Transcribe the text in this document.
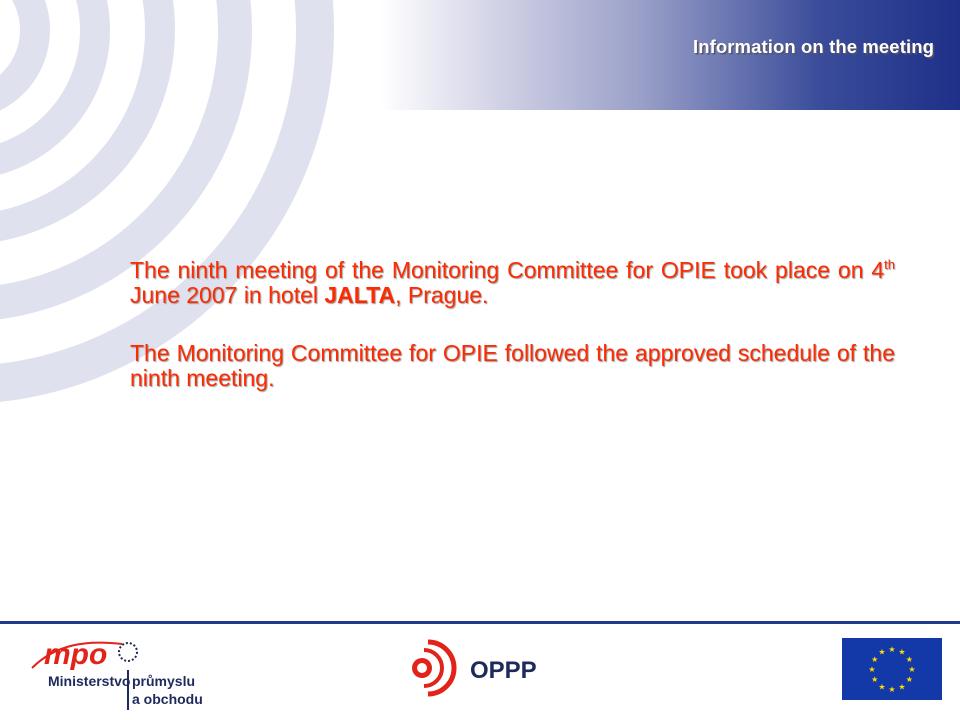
Information on the meeting

The ninth meeting of the Monitoring Committee for OPIE took place on 4th June 2007 in hotel JALTA, Prague.

The Monitoring Committee for OPIE followed the approved schedule of the ninth meeting.

mpo
Ministerstvo průmyslu
a obchodu
OPPP
★ ★
★
★
★
★
★
★
★
★
★
★
